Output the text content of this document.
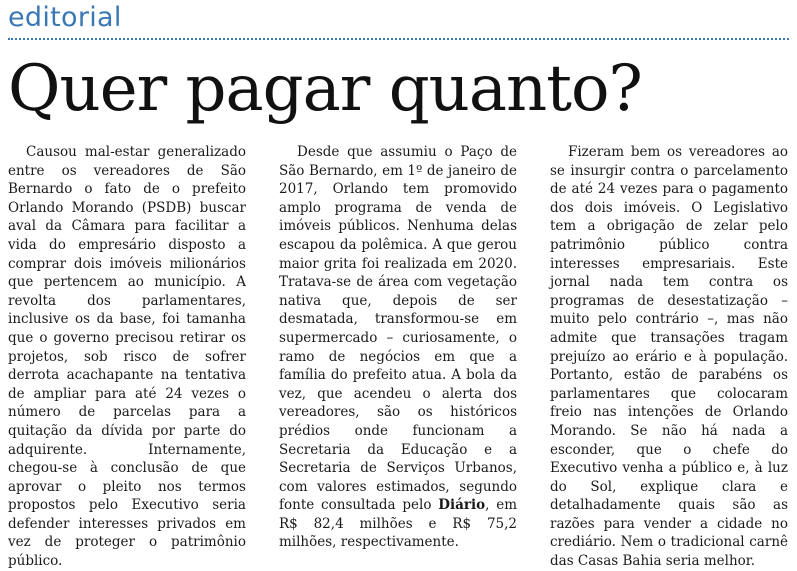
editorial
Quer pagar quanto?

Causou mal-estar generalizado entre os vereadores de São Bernardo o fato de o prefeito Orlando Morando (PSDB) buscar aval da Câmara para facilitar a vida do empresário disposto a comprar dois imóveis milionários que pertencem ao município. A revolta dos parlamentares, inclusive os da base, foi tamanha que o governo precisou retirar os projetos, sob risco de sofrer derrota acachapante na tentativa de ampliar para até 24 vezes o número de parcelas para a quitação da dívida por parte do adquirente. Internamente, chegou-se à conclusão de que aprovar o pleito nos termos propostos pelo Executivo seria defender interesses privados em vez de proteger o patrimônio público.

Desde que assumiu o Paço de São Bernardo, em 1º de janeiro de 2017, Orlando tem promovido amplo programa de venda de imóveis públicos. Nenhuma delas escapou da polêmica. A que gerou maior grita foi realizada em 2020. Tratava-se de área com vegetação nativa que, depois de ser desmatada, transformou-se em supermercado – curiosamente, o ramo de negócios em que a família do prefeito atua. A bola da vez, que acendeu o alerta dos vereadores, são os históricos prédios onde funcionam a Secretaria da Educação e a Secretaria de Serviços Urbanos, com valores estimados, segundo fonte consultada pelo Diário, em R$ 82,4 milhões e R$ 75,2 milhões, respectivamente.

Fizeram bem os vereadores ao se insurgir contra o parcelamento de até 24 vezes para o pagamento dos dois imóveis. O Legislativo tem a obrigação de zelar pelo patrimônio público contra interesses empresariais. Este jornal nada tem contra os programas de desestatização – muito pelo contrário –, mas não admite que transações tragam prejuízo ao erário e à população. Portanto, estão de parabéns os parlamentares que colocaram freio nas intenções de Orlando Morando. Se não há nada a esconder, que o chefe do Executivo venha a público e, à luz do Sol, explique clara e detalhadamente quais são as razões para vender a cidade no crediário. Nem o tradicional carnê das Casas Bahia seria melhor.
